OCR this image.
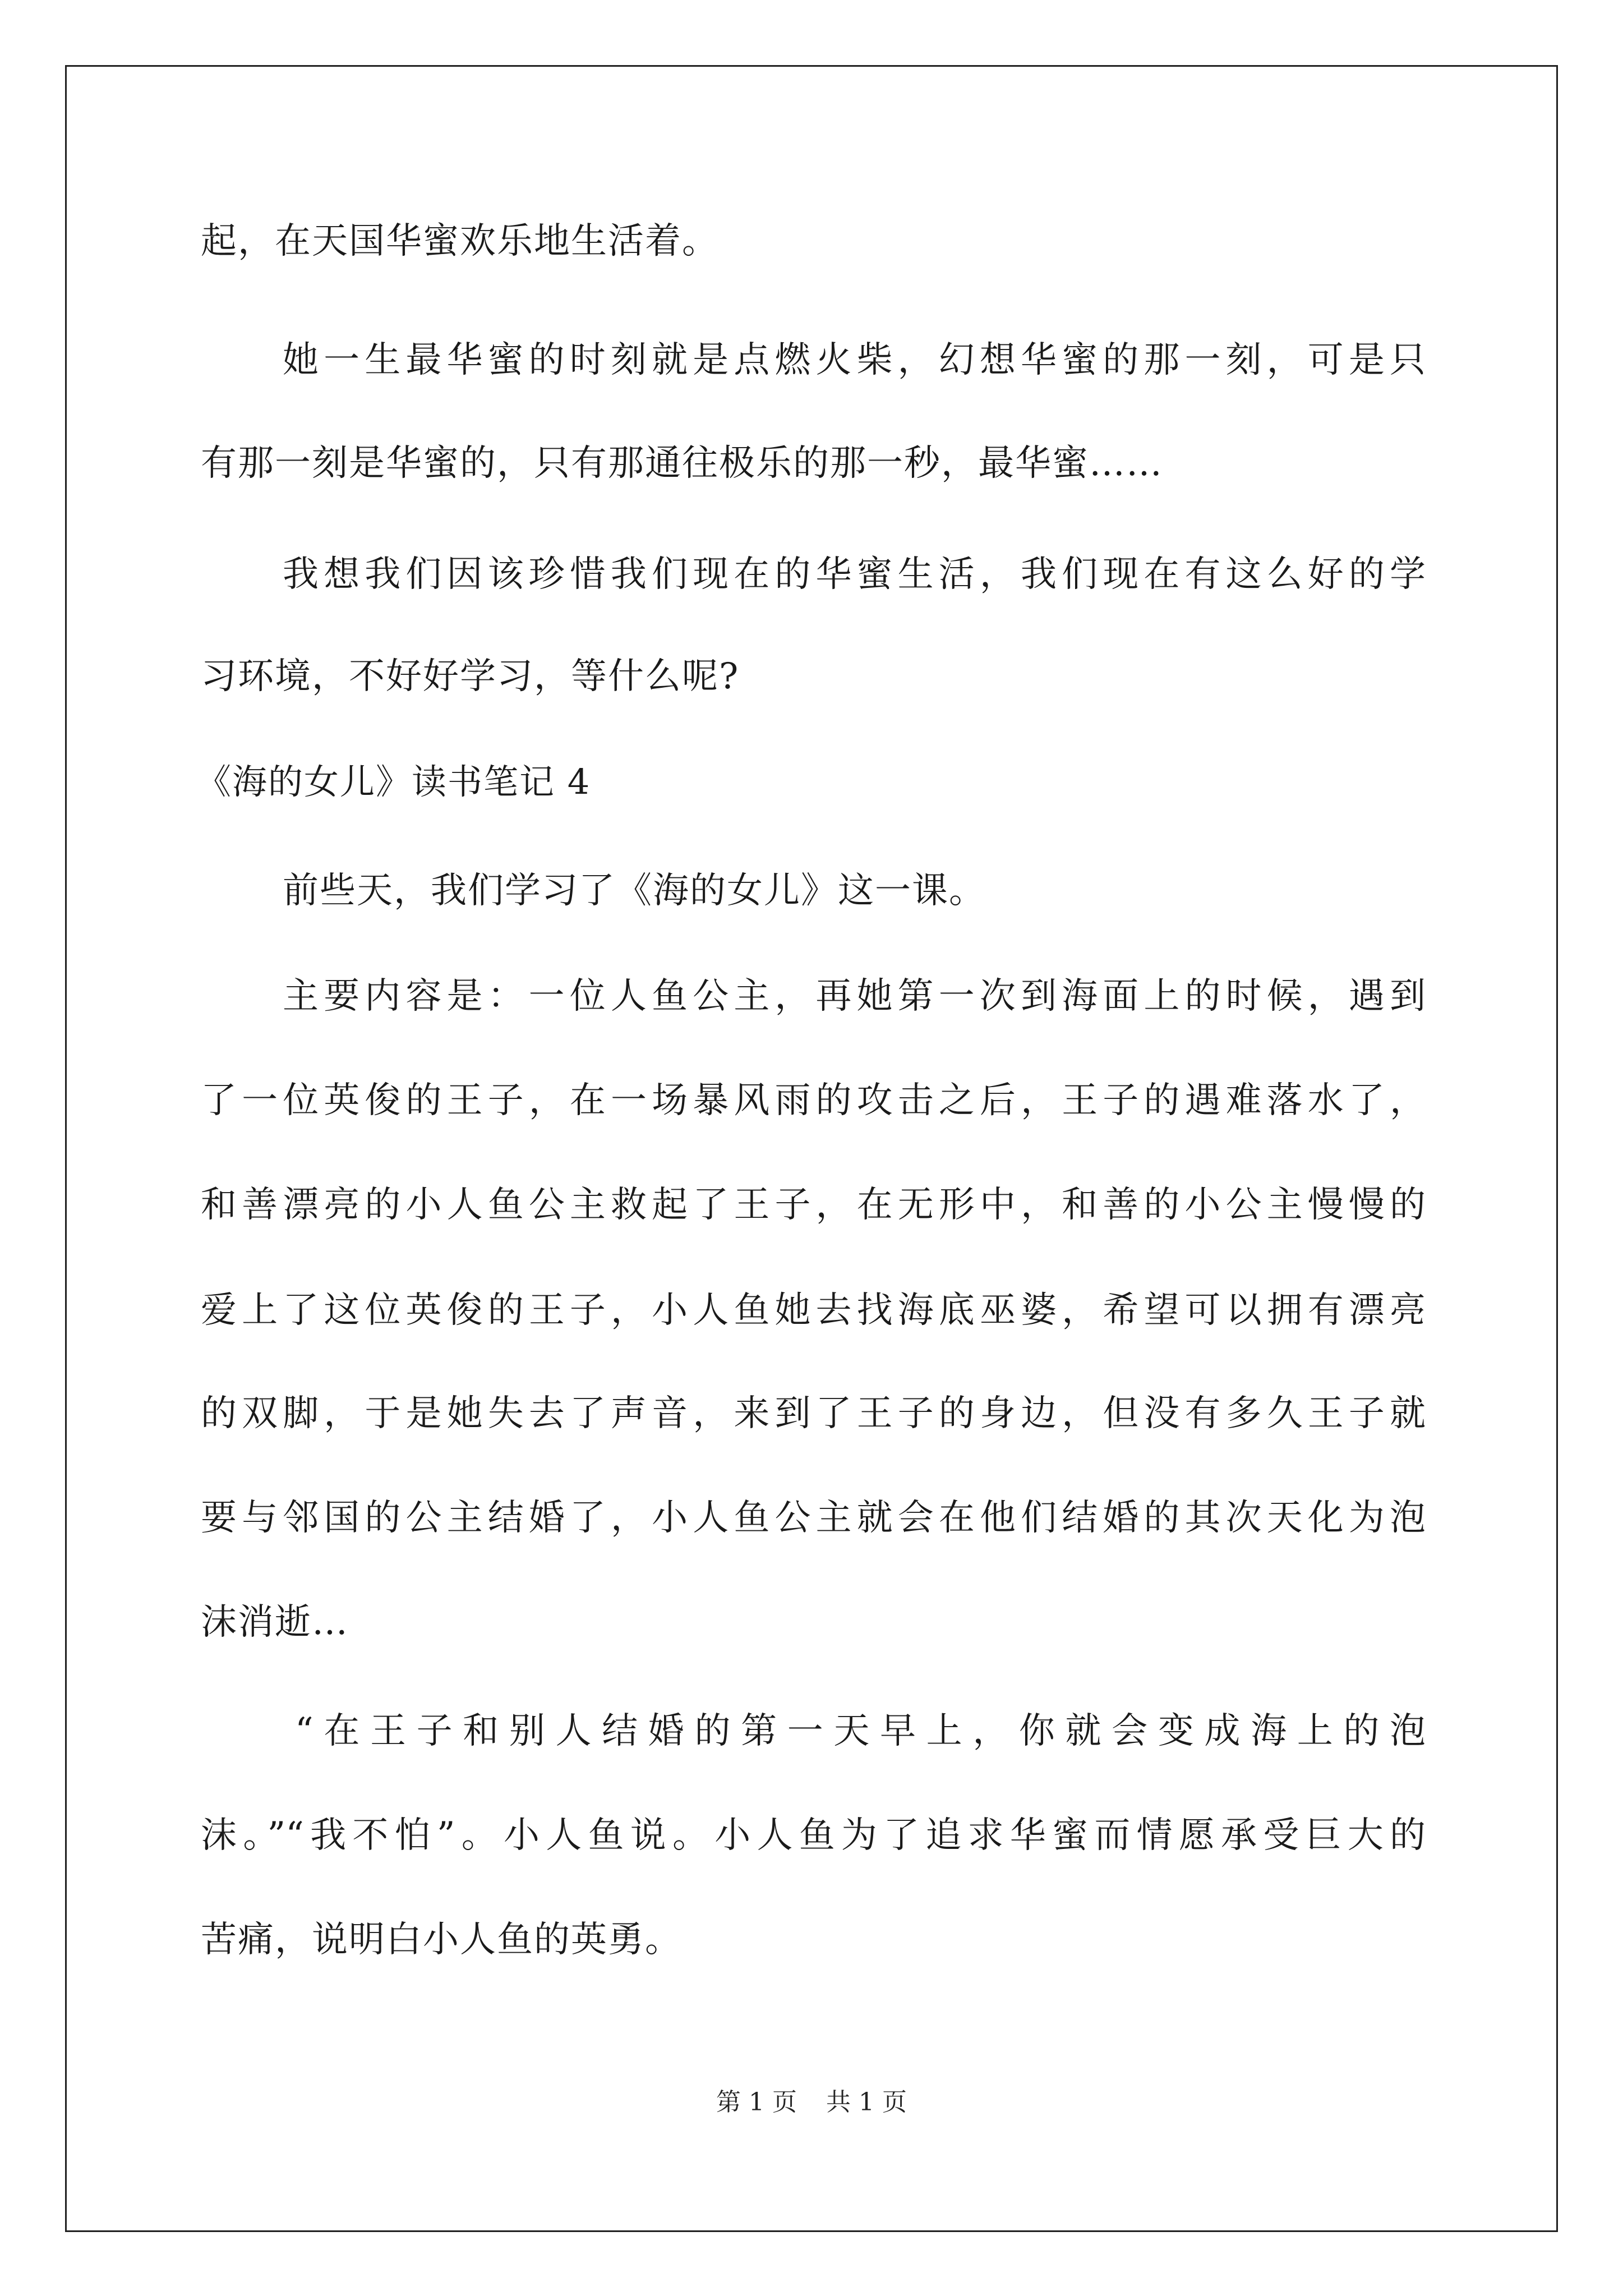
起，在天国华蜜欢乐地生活着。
她一生最华蜜的时刻就是点燃火柴，幻想华蜜的那一刻，可是只
有那一刻是华蜜的，只有那通往极乐的那一秒，最华蜜……
我想我们因该珍惜我们现在的华蜜生活，我们现在有这么好的学
习环境，不好好学习，等什么呢?
《海的女儿》读书笔记 4
前些天，我们学习了《海的女儿》这一课。
主要内容是：一位人鱼公主，再她第一次到海面上的时候，遇到
了一位英俊的王子，在一场暴风雨的攻击之后，王子的遇难落水了，
和善漂亮的小人鱼公主救起了王子，在无形中，和善的小公主慢慢的
爱上了这位英俊的王子，小人鱼她去找海底巫婆，希望可以拥有漂亮
的双脚，于是她失去了声音，来到了王子的身边，但没有多久王子就
要与邻国的公主结婚了，小人鱼公主就会在他们结婚的其次天化为泡
沫消逝…
“在王子和别人结婚的第一天早上，你就会变成海上的泡
沫。”“我不怕”。小人鱼说。小人鱼为了追求华蜜而情愿承受巨大的
苦痛，说明白小人鱼的英勇。
第 1 页 共 1 页
